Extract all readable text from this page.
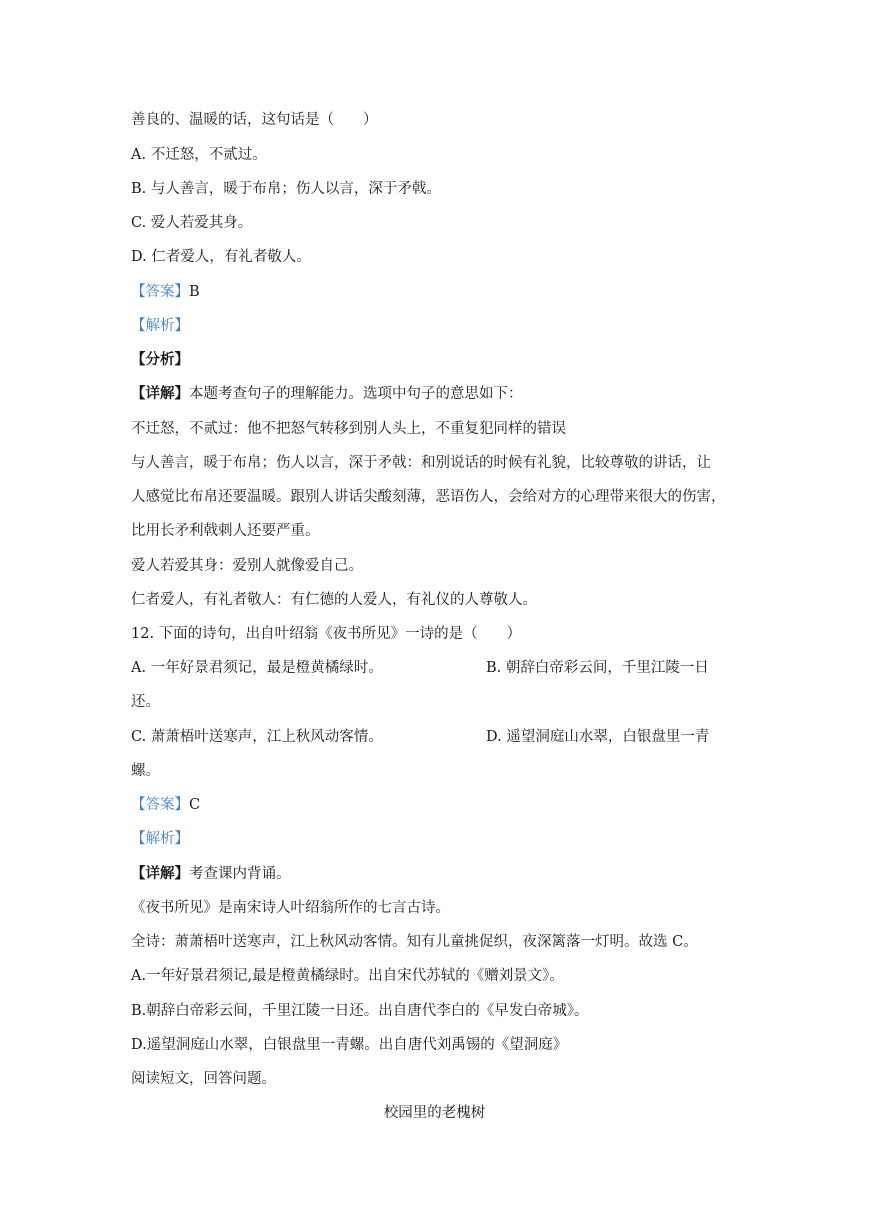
善良的、温暖的话，这句话是（　　）
A. 不迁怒，不贰过。
B. 与人善言，暖于布帛；伤人以言，深于矛戟。
C. 爱人若爱其身。
D. 仁者爱人，有礼者敬人。
【答案】B
【解析】
【分析】
【详解】本题考查句子的理解能力。选项中句子的意思如下：
不迁怒，不贰过：他不把怒气转移到别人头上，不重复犯同样的错误
与人善言，暖于布帛；伤人以言，深于矛戟：和别说话的时候有礼貌，比较尊敬的讲话，让
人感觉比布帛还要温暖。跟别人讲话尖酸刻薄，恶语伤人，会给对方的心理带来很大的伤害，
比用长矛利戟刺人还要严重。
爱人若爱其身：爱别人就像爱自己。
仁者爱人，有礼者敬人：有仁德的人爱人，有礼仪的人尊敬人。
12. 下面的诗句，出自叶绍翁《夜书所见》一诗的是（　　）
A. 一年好景君须记，最是橙黄橘绿时。	B. 朝辞白帝彩云间，千里江陵一日
还。
C. 萧萧梧叶送寒声，江上秋风动客情。	D. 遥望洞庭山水翠，白银盘里一青
螺。
【答案】C
【解析】
【详解】考查课内背诵。
《夜书所见》是南宋诗人叶绍翁所作的七言古诗。
全诗：萧萧梧叶送寒声，江上秋风动客情。知有儿童挑促织，夜深篱落一灯明。故选 C。
A.一年好景君须记,最是橙黄橘绿时。出自宋代苏轼的《赠刘景文》。
B.朝辞白帝彩云间，千里江陵一日还。出自唐代李白的《早发白帝城》。
D.遥望洞庭山水翠，白银盘里一青螺。出自唐代刘禹锡的《望洞庭》
阅读短文，回答问题。
校园里的老槐树
